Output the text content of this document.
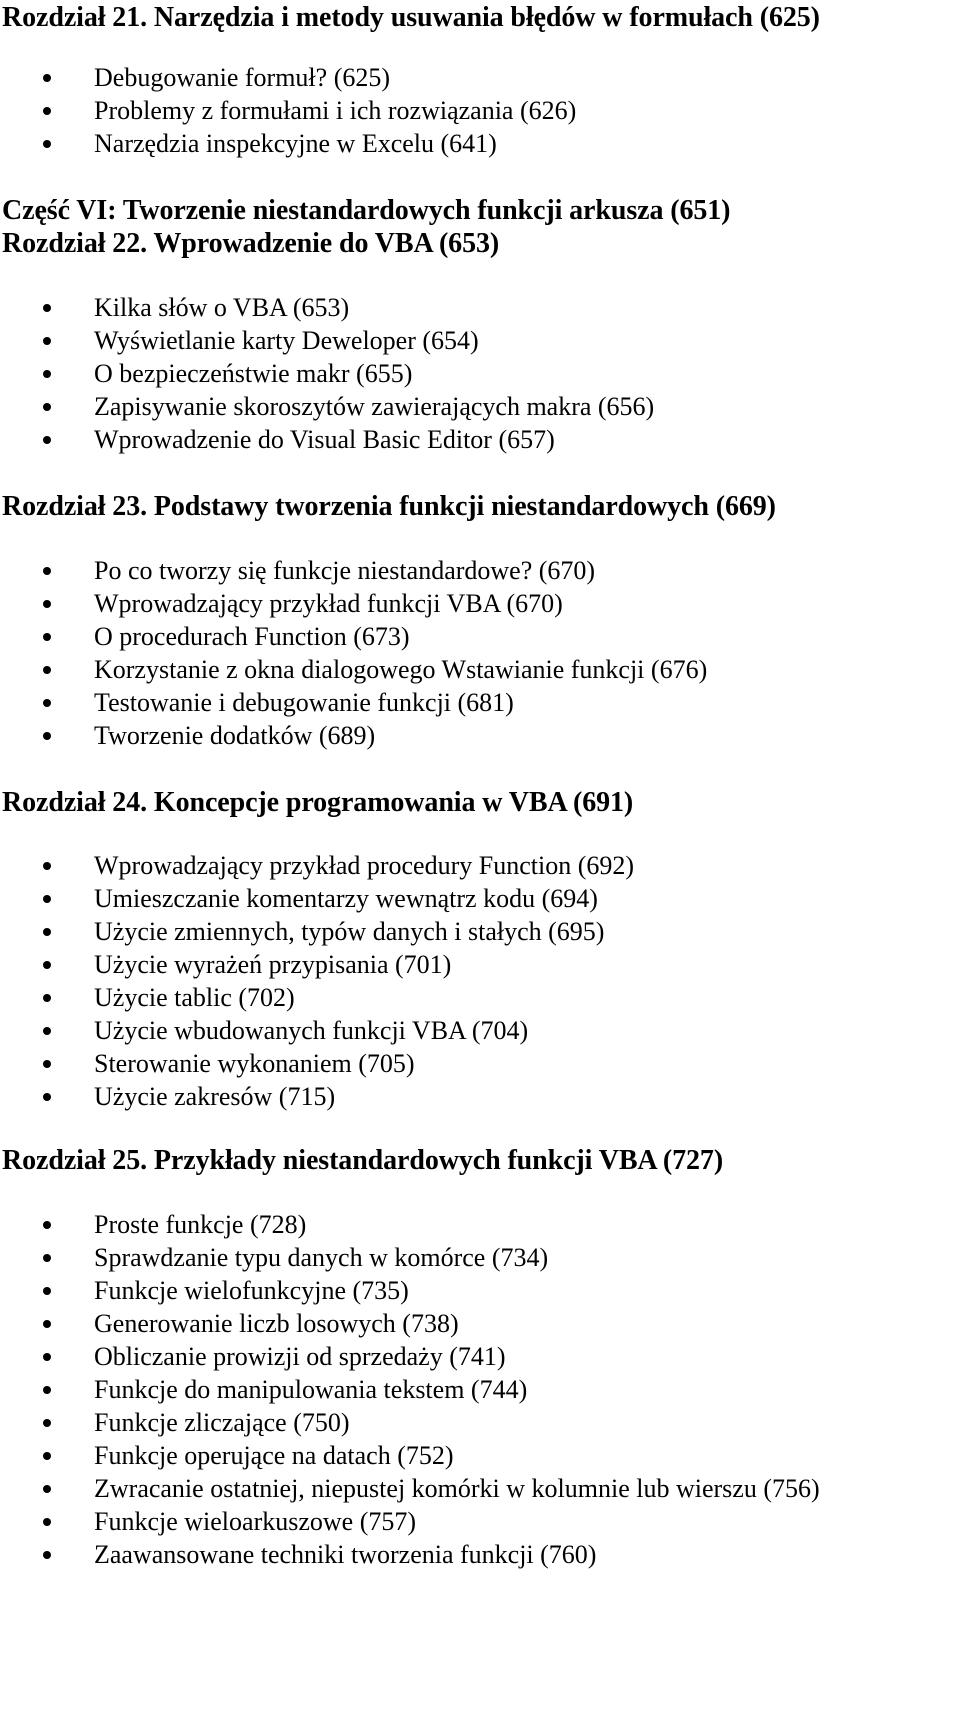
Rozdział 21. Narzędzia i metody usuwania błędów w formułach (625)
Debugowanie formuł? (625)
Problemy z formułami i ich rozwiązania (626)
Narzędzia inspekcyjne w Excelu (641)
Część VI: Tworzenie niestandardowych funkcji arkusza (651)
Rozdział 22. Wprowadzenie do VBA (653)
Kilka słów o VBA (653)
Wyświetlanie karty Deweloper (654)
O bezpieczeństwie makr (655)
Zapisywanie skoroszytów zawierających makra (656)
Wprowadzenie do Visual Basic Editor (657)
Rozdział 23. Podstawy tworzenia funkcji niestandardowych (669)
Po co tworzy się funkcje niestandardowe? (670)
Wprowadzający przykład funkcji VBA (670)
O procedurach Function (673)
Korzystanie z okna dialogowego Wstawianie funkcji (676)
Testowanie i debugowanie funkcji (681)
Tworzenie dodatków (689)
Rozdział 24. Koncepcje programowania w VBA (691)
Wprowadzający przykład procedury Function (692)
Umieszczanie komentarzy wewnątrz kodu (694)
Użycie zmiennych, typów danych i stałych (695)
Użycie wyrażeń przypisania (701)
Użycie tablic (702)
Użycie wbudowanych funkcji VBA (704)
Sterowanie wykonaniem (705)
Użycie zakresów (715)
Rozdział 25. Przykłady niestandardowych funkcji VBA (727)
Proste funkcje (728)
Sprawdzanie typu danych w komórce (734)
Funkcje wielofunkcyjne (735)
Generowanie liczb losowych (738)
Obliczanie prowizji od sprzedaży (741)
Funkcje do manipulowania tekstem (744)
Funkcje zliczające (750)
Funkcje operujące na datach (752)
Zwracanie ostatniej, niepustej komórki w kolumnie lub wierszu (756)
Funkcje wieloarkuszowe (757)
Zaawansowane techniki tworzenia funkcji (760)
